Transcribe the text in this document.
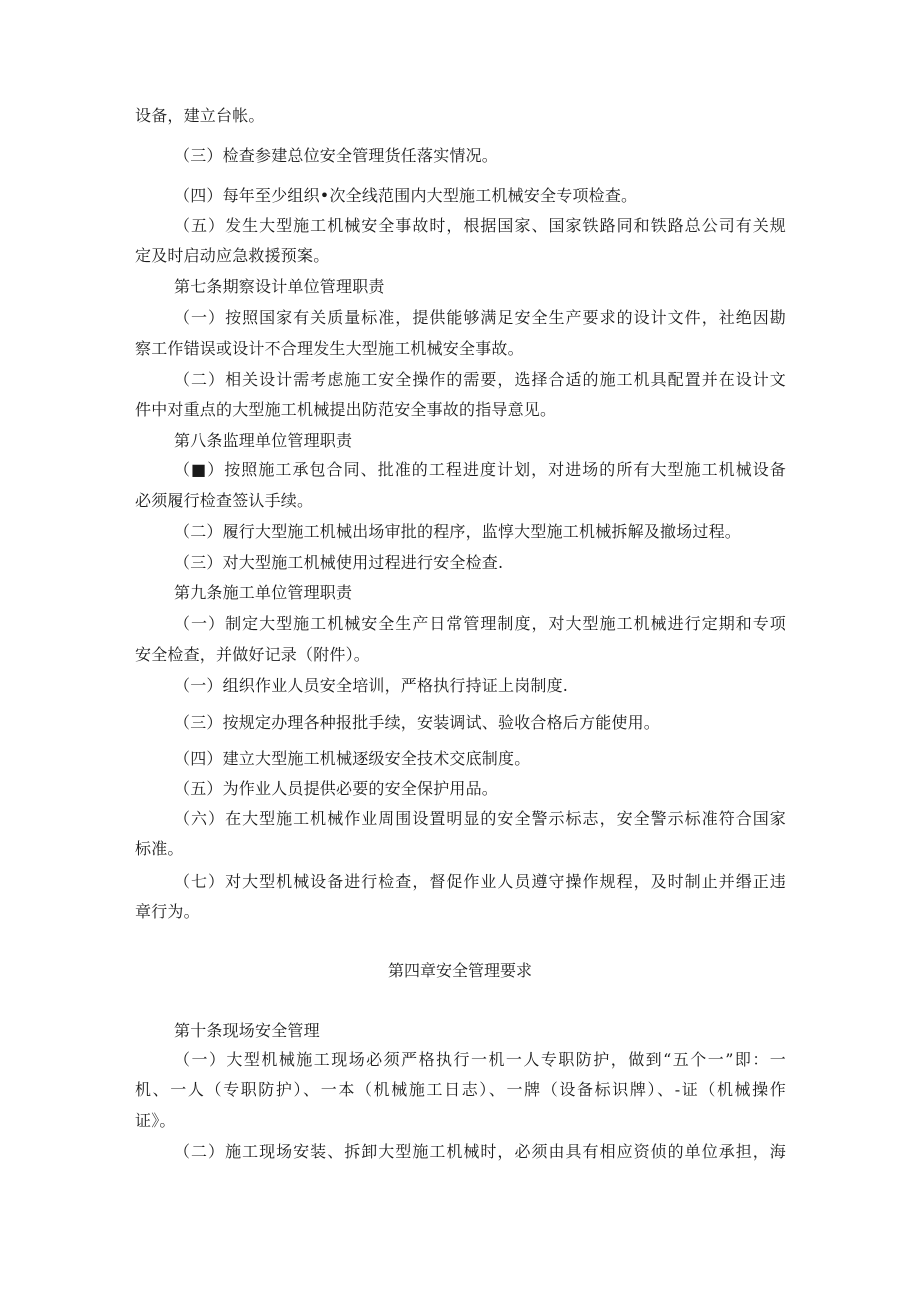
设备，建立台帐。
（三）检查参建总位安全管理货任落实情况。
（四）每年至少组织•次全线范围内大型施工机械安全专项检查。
（五）发生大型施工机械安全事故时，根据国家、国家铁路同和铁路总公司有关规
定及时启动应急救援预案。
第七条期察设计单位管理职责
（一）按照国家有关质量标准，提供能够满足安全生产要求的设计文件，社绝因勘
察工作错误或设计不合理发生大型施工机械安全事故。
（二）相关设计需考虑施工安全操作的需要，选择合适的施工机具配置并在设计文
件中对重点的大型施工机械提出防范安全事故的指导意见。
第八条监理单位管理职责
（■）按照施工承包合同、批准的工程进度计划，对进场的所有大型施工机械设备
必须履行检查签认手续。
（二）履行大型施工机械出场审批的程序，监惇大型施工机械拆解及撤场过程。
（三）对大型施工机械使用过程进行安全检查.
第九条施工单位管理职责
（一）制定大型施工机械安全生产日常管理制度，对大型施工机械进行定期和专项
安全检查，并做好记录（附件）。
（一）组织作业人员安全培训，严格执行持证上岗制度.
（三）按规定办理各种报批手续，安装调试、验收合格后方能使用。
（四）建立大型施工机械逐级安全技术交底制度。
（五）为作业人员提供必要的安全保护用品。
（六）在大型施工机械作业周围设置明显的安全警示标志，安全警示标准符合国家
标准。
（七）对大型机械设备进行检查，督促作业人员遵守操作规程，及时制止并缗正违
章行为。
第四章安全管理要求
第十条现场安全管理
（一）大型机械施工现场必须严格执行一机一人专职防护，做到“五个一”即：一
机、一人（专职防护）、一本（机械施工日志）、一牌（设备标识牌）、-证（机械操作
证》。
（二）施工现场安装、拆卸大型施工机械时，必须由具有相应资侦的单位承担，海
